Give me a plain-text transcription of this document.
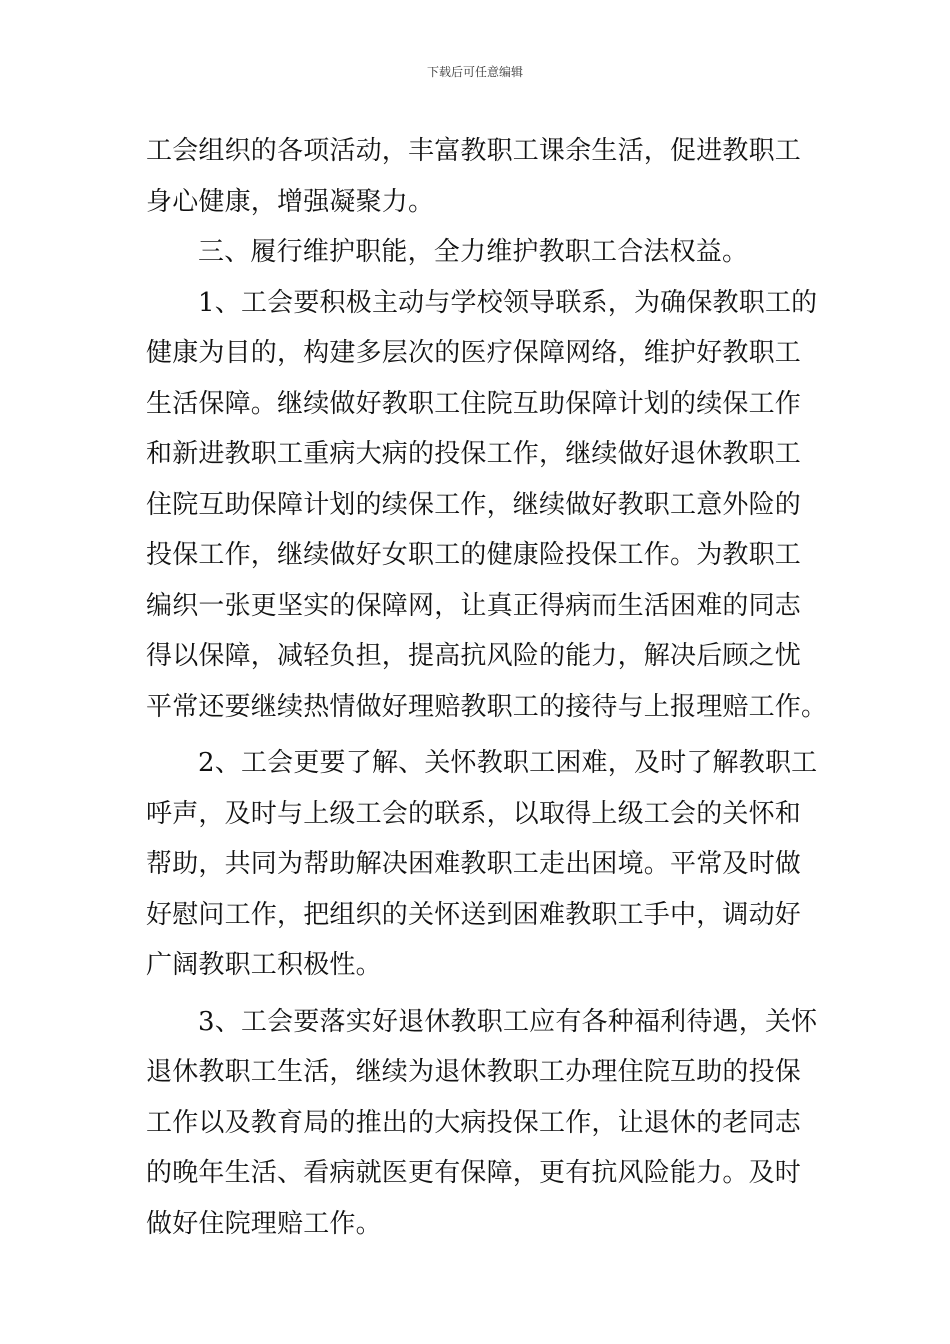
下载后可任意编辑
工会组织的各项活动，丰富教职工课余生活，促进教职工
身心健康，增强凝聚力。
三、履行维护职能，全力维护教职工合法权益。
1、工会要积极主动与学校领导联系，为确保教职工的
健康为目的，构建多层次的医疗保障网络，维护好教职工
生活保障。继续做好教职工住院互助保障计划的续保工作
和新进教职工重病大病的投保工作，继续做好退休教职工
住院互助保障计划的续保工作，继续做好教职工意外险的
投保工作，继续做好女职工的健康险投保工作。为教职工
编织一张更坚实的保障网，让真正得病而生活困难的同志
得以保障，减轻负担，提高抗风险的能力，解决后顾之忧
平常还要继续热情做好理赔教职工的接待与上报理赔工作。
2、工会更要了解、关怀教职工困难，及时了解教职工
呼声，及时与上级工会的联系，以取得上级工会的关怀和
帮助，共同为帮助解决困难教职工走出困境。平常及时做
好慰问工作，把组织的关怀送到困难教职工手中，调动好
广阔教职工积极性。
3、工会要落实好退休教职工应有各种福利待遇，关怀
退休教职工生活，继续为退休教职工办理住院互助的投保
工作以及教育局的推出的大病投保工作，让退休的老同志
的晚年生活、看病就医更有保障，更有抗风险能力。及时
做好住院理赔工作。
